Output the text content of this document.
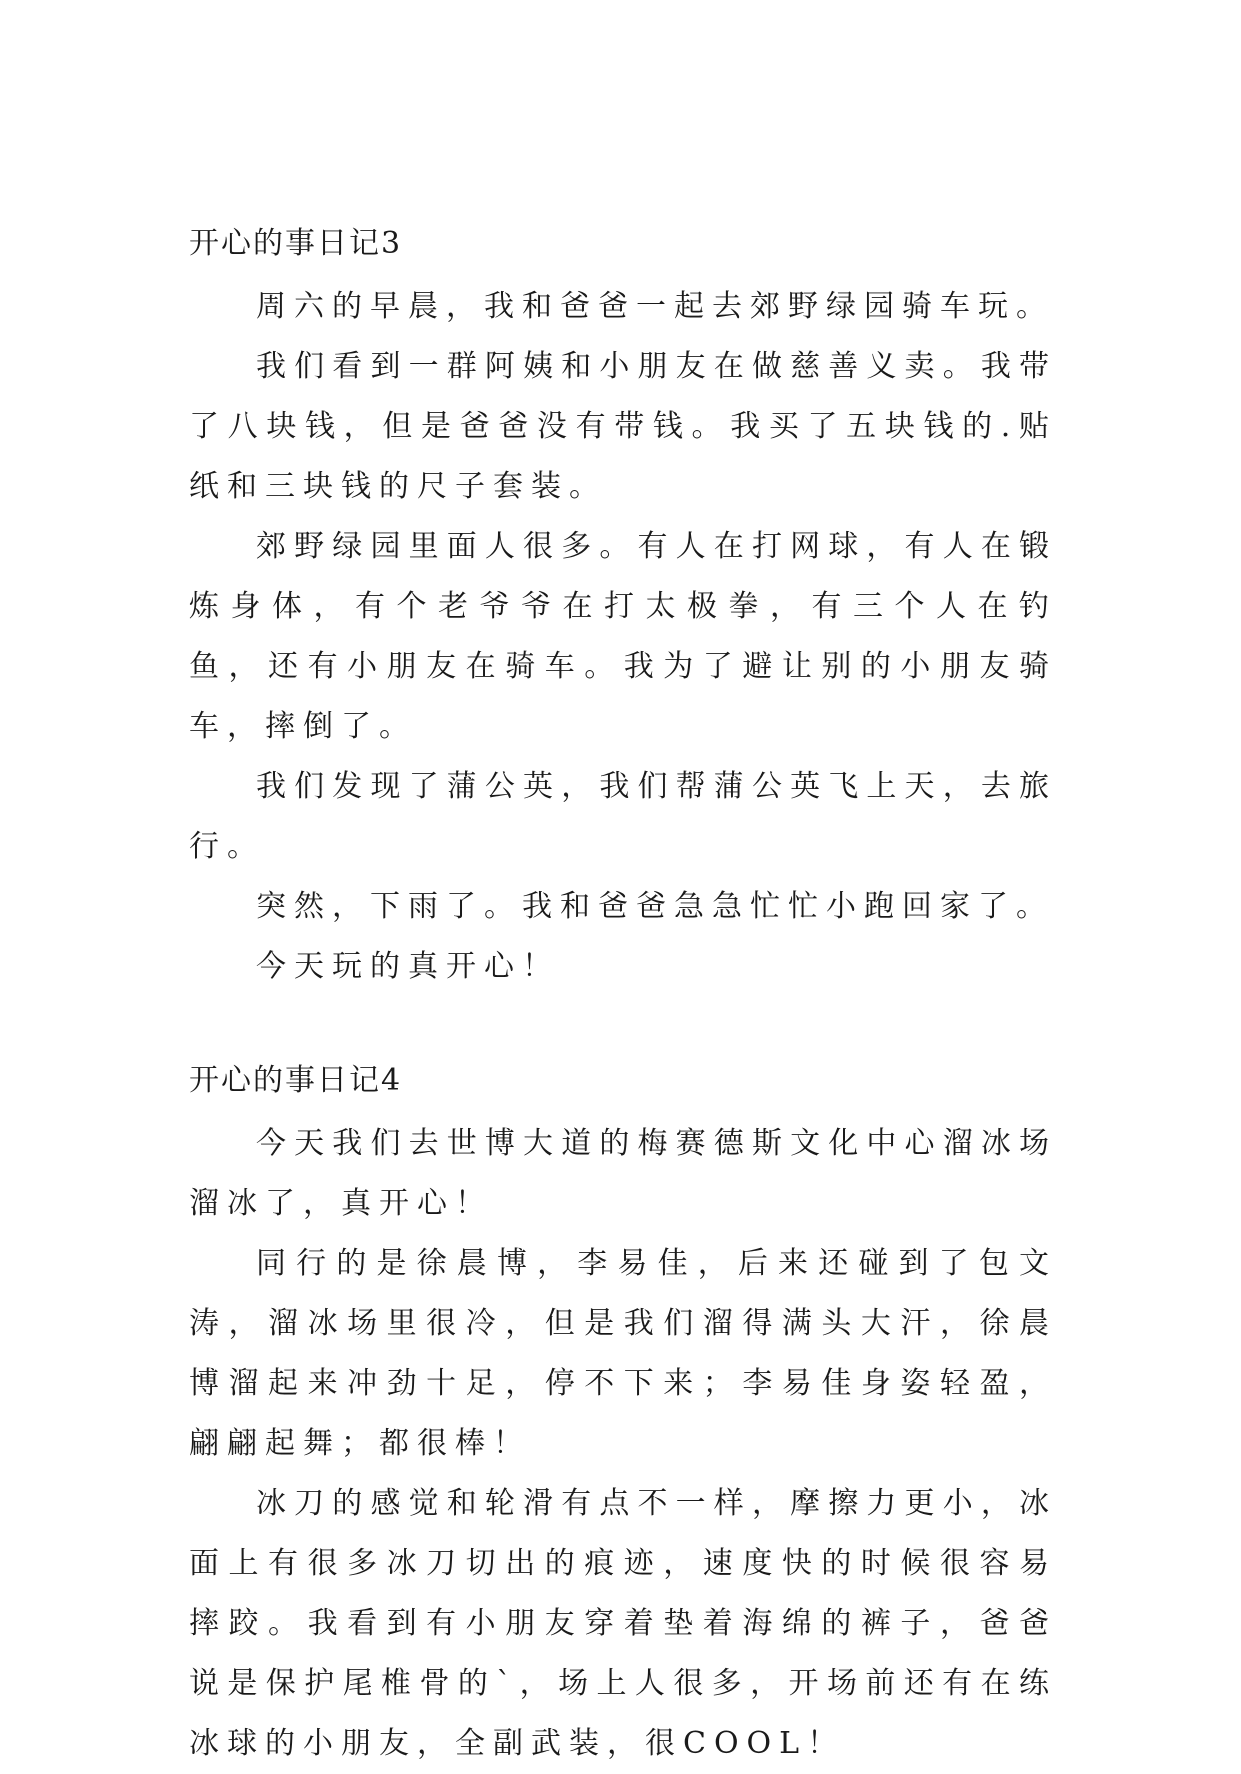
开心的事日记3

周六的早晨，我和爸爸一起去郊野绿园骑车玩。

我们看到一群阿姨和小朋友在做慈善义卖。我带了八块钱，但是爸爸没有带钱。我买了五块钱的.贴纸和三块钱的尺子套装。

郊野绿园里面人很多。有人在打网球，有人在锻炼身体，有个老爷爷在打太极拳，有三个人在钓鱼，还有小朋友在骑车。我为了避让别的小朋友骑车，摔倒了。

我们发现了蒲公英，我们帮蒲公英飞上天，去旅行。

突然，下雨了。我和爸爸急急忙忙小跑回家了。

今天玩的真开心！

开心的事日记4

今天我们去世博大道的梅赛德斯文化中心溜冰场溜冰了，真开心！

同行的是徐晨博，李易佳，后来还碰到了包文涛，溜冰场里很冷，但是我们溜得满头大汗，徐晨博溜起来冲劲十足，停不下来；李易佳身姿轻盈，翩翩起舞；都很棒！

冰刀的感觉和轮滑有点不一样，摩擦力更小，冰面上有很多冰刀切出的痕迹，速度快的时候很容易摔跤。我看到有小朋友穿着垫着海绵的裤子，爸爸说是保护尾椎骨的`，场上人很多，开场前还有在练冰球的小朋友，全副武装，很COOL！
